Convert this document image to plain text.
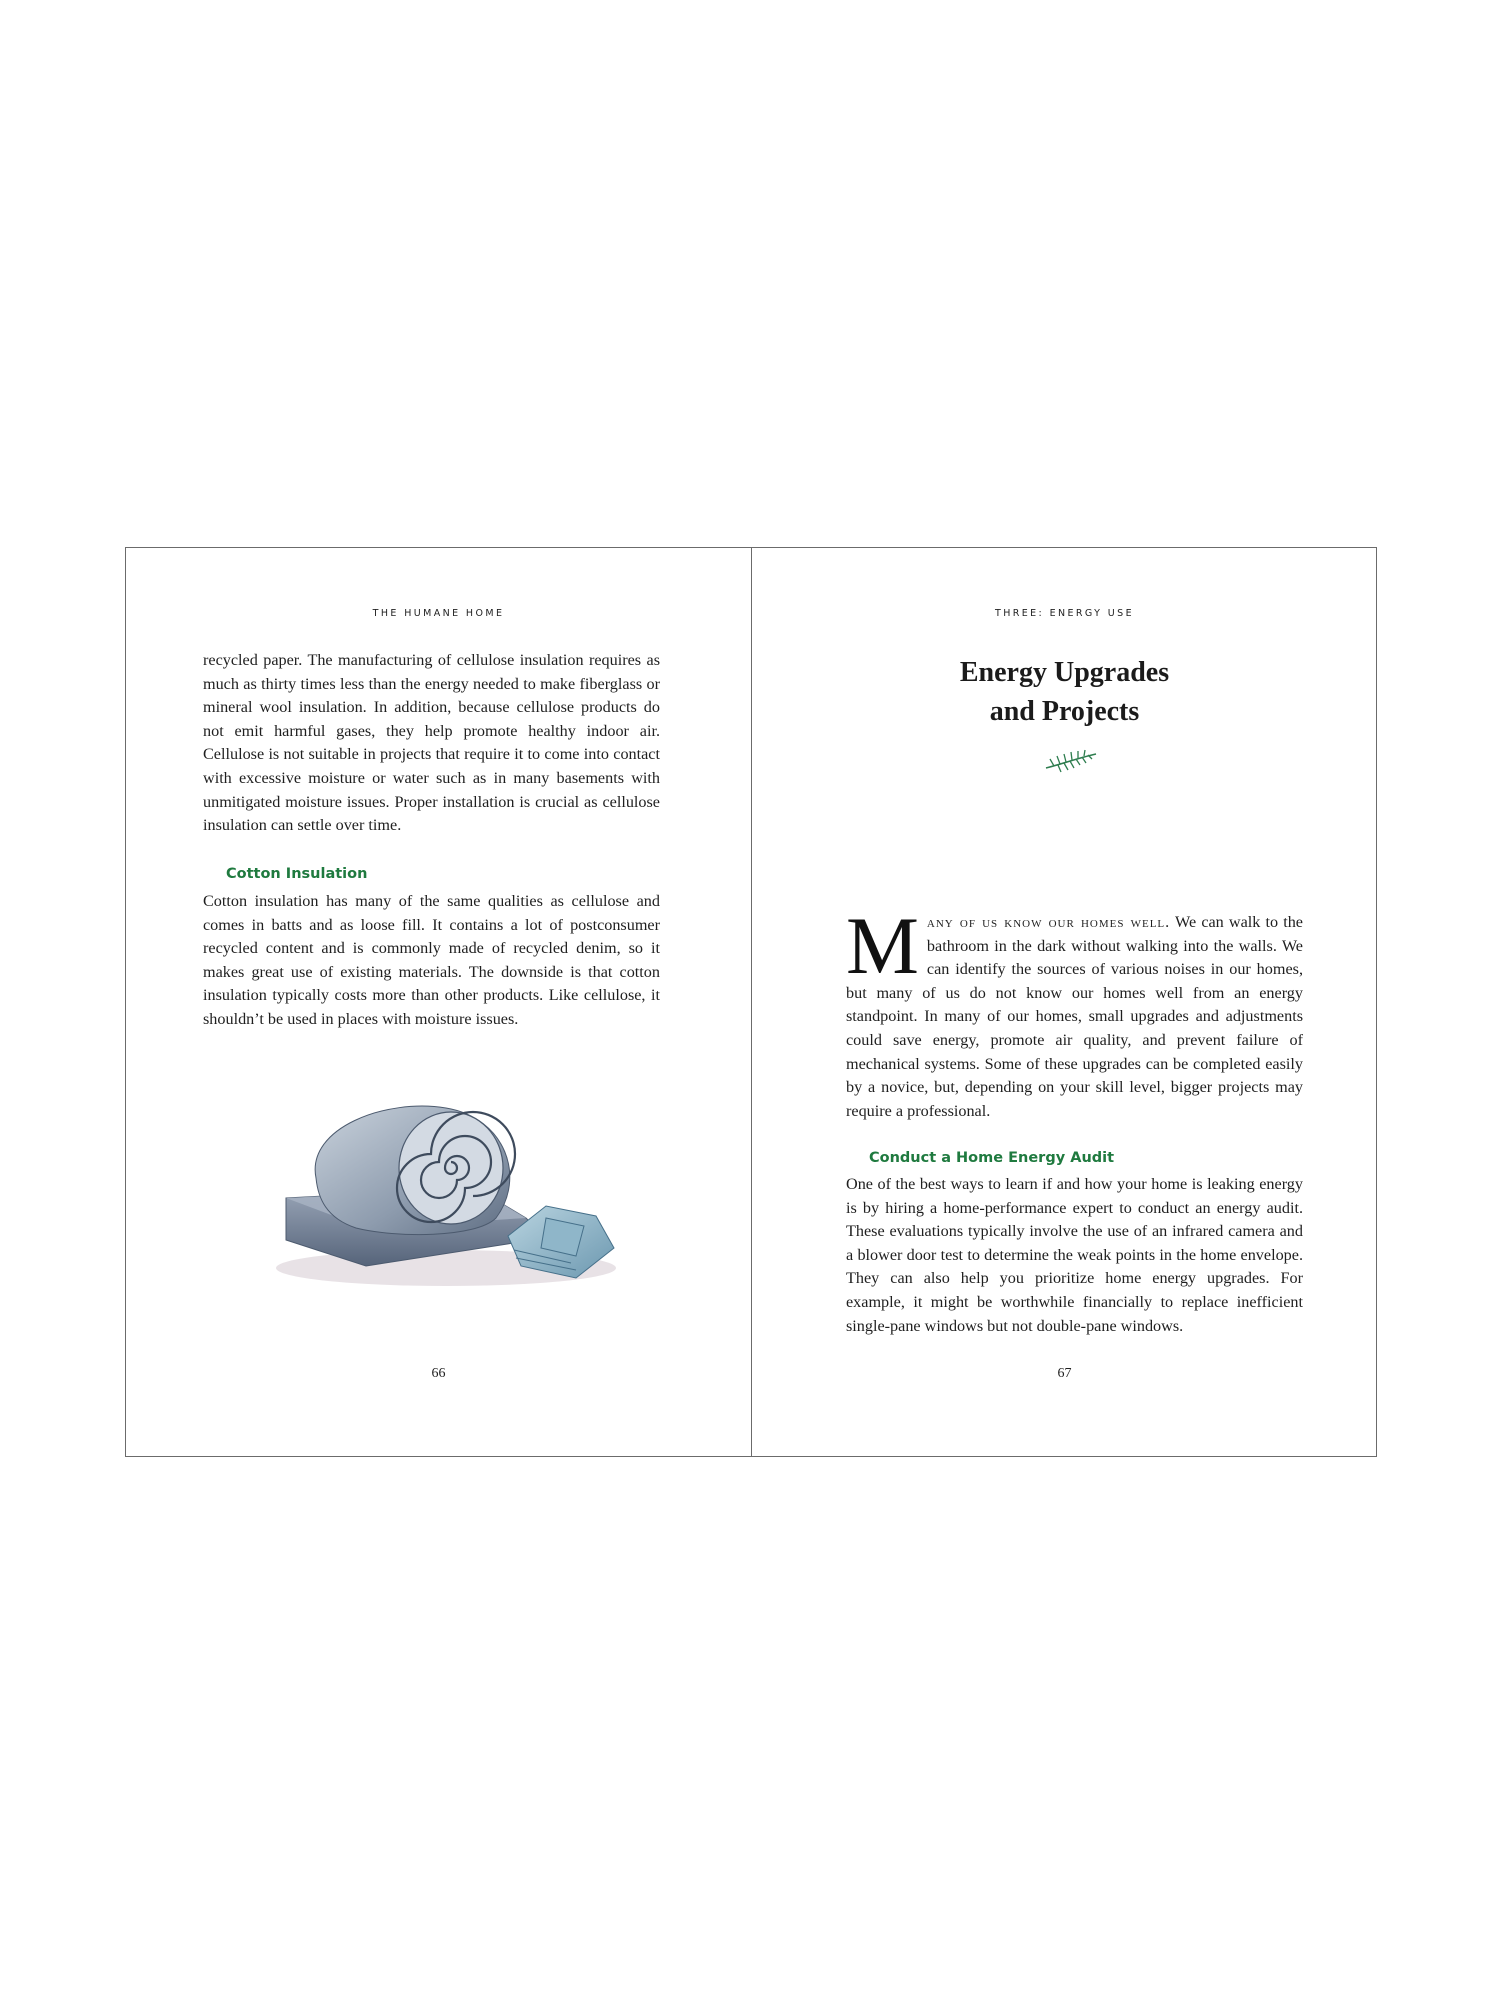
THE HUMANE HOME
recycled paper. The manufacturing of cellulose insulation requires as much as thirty times less than the energy needed to make fiberglass or mineral wool insulation. In addition, because cellulose products do not emit harmful gases, they help promote healthy indoor air. Cellulose is not suitable in projects that require it to come into contact with excessive moisture or water such as in many basements with unmitigated moisture issues. Proper installation is crucial as cellulose insulation can settle over time.
Cotton Insulation
Cotton insulation has many of the same qualities as cellulose and comes in batts and as loose fill. It contains a lot of postconsumer recycled content and is commonly made of recycled denim, so it makes great use of existing materials. The downside is that cotton insulation typically costs more than other products. Like cellulose, it shouldn’t be used in places with moisture issues.
66
THREE: ENERGY USE
Energy Upgrades
and Projects
Many of us know our homes well. We can walk to the bathroom in the dark without walking into the walls. We can identify the sources of various noises in our homes, but many of us do not know our homes well from an energy standpoint. In many of our homes, small upgrades and adjustments could save energy, promote air quality, and prevent failure of mechanical systems. Some of these upgrades can be completed easily by a novice, but, depending on your skill level, bigger projects may require a professional.
Conduct a Home Energy Audit
One of the best ways to learn if and how your home is leaking energy is by hiring a home-performance expert to conduct an energy audit. These evaluations typically involve the use of an infrared camera and a blower door test to determine the weak points in the home envelope. They can also help you prioritize home energy upgrades. For example, it might be worthwhile financially to replace inefficient single-pane windows but not double-pane windows.
67
